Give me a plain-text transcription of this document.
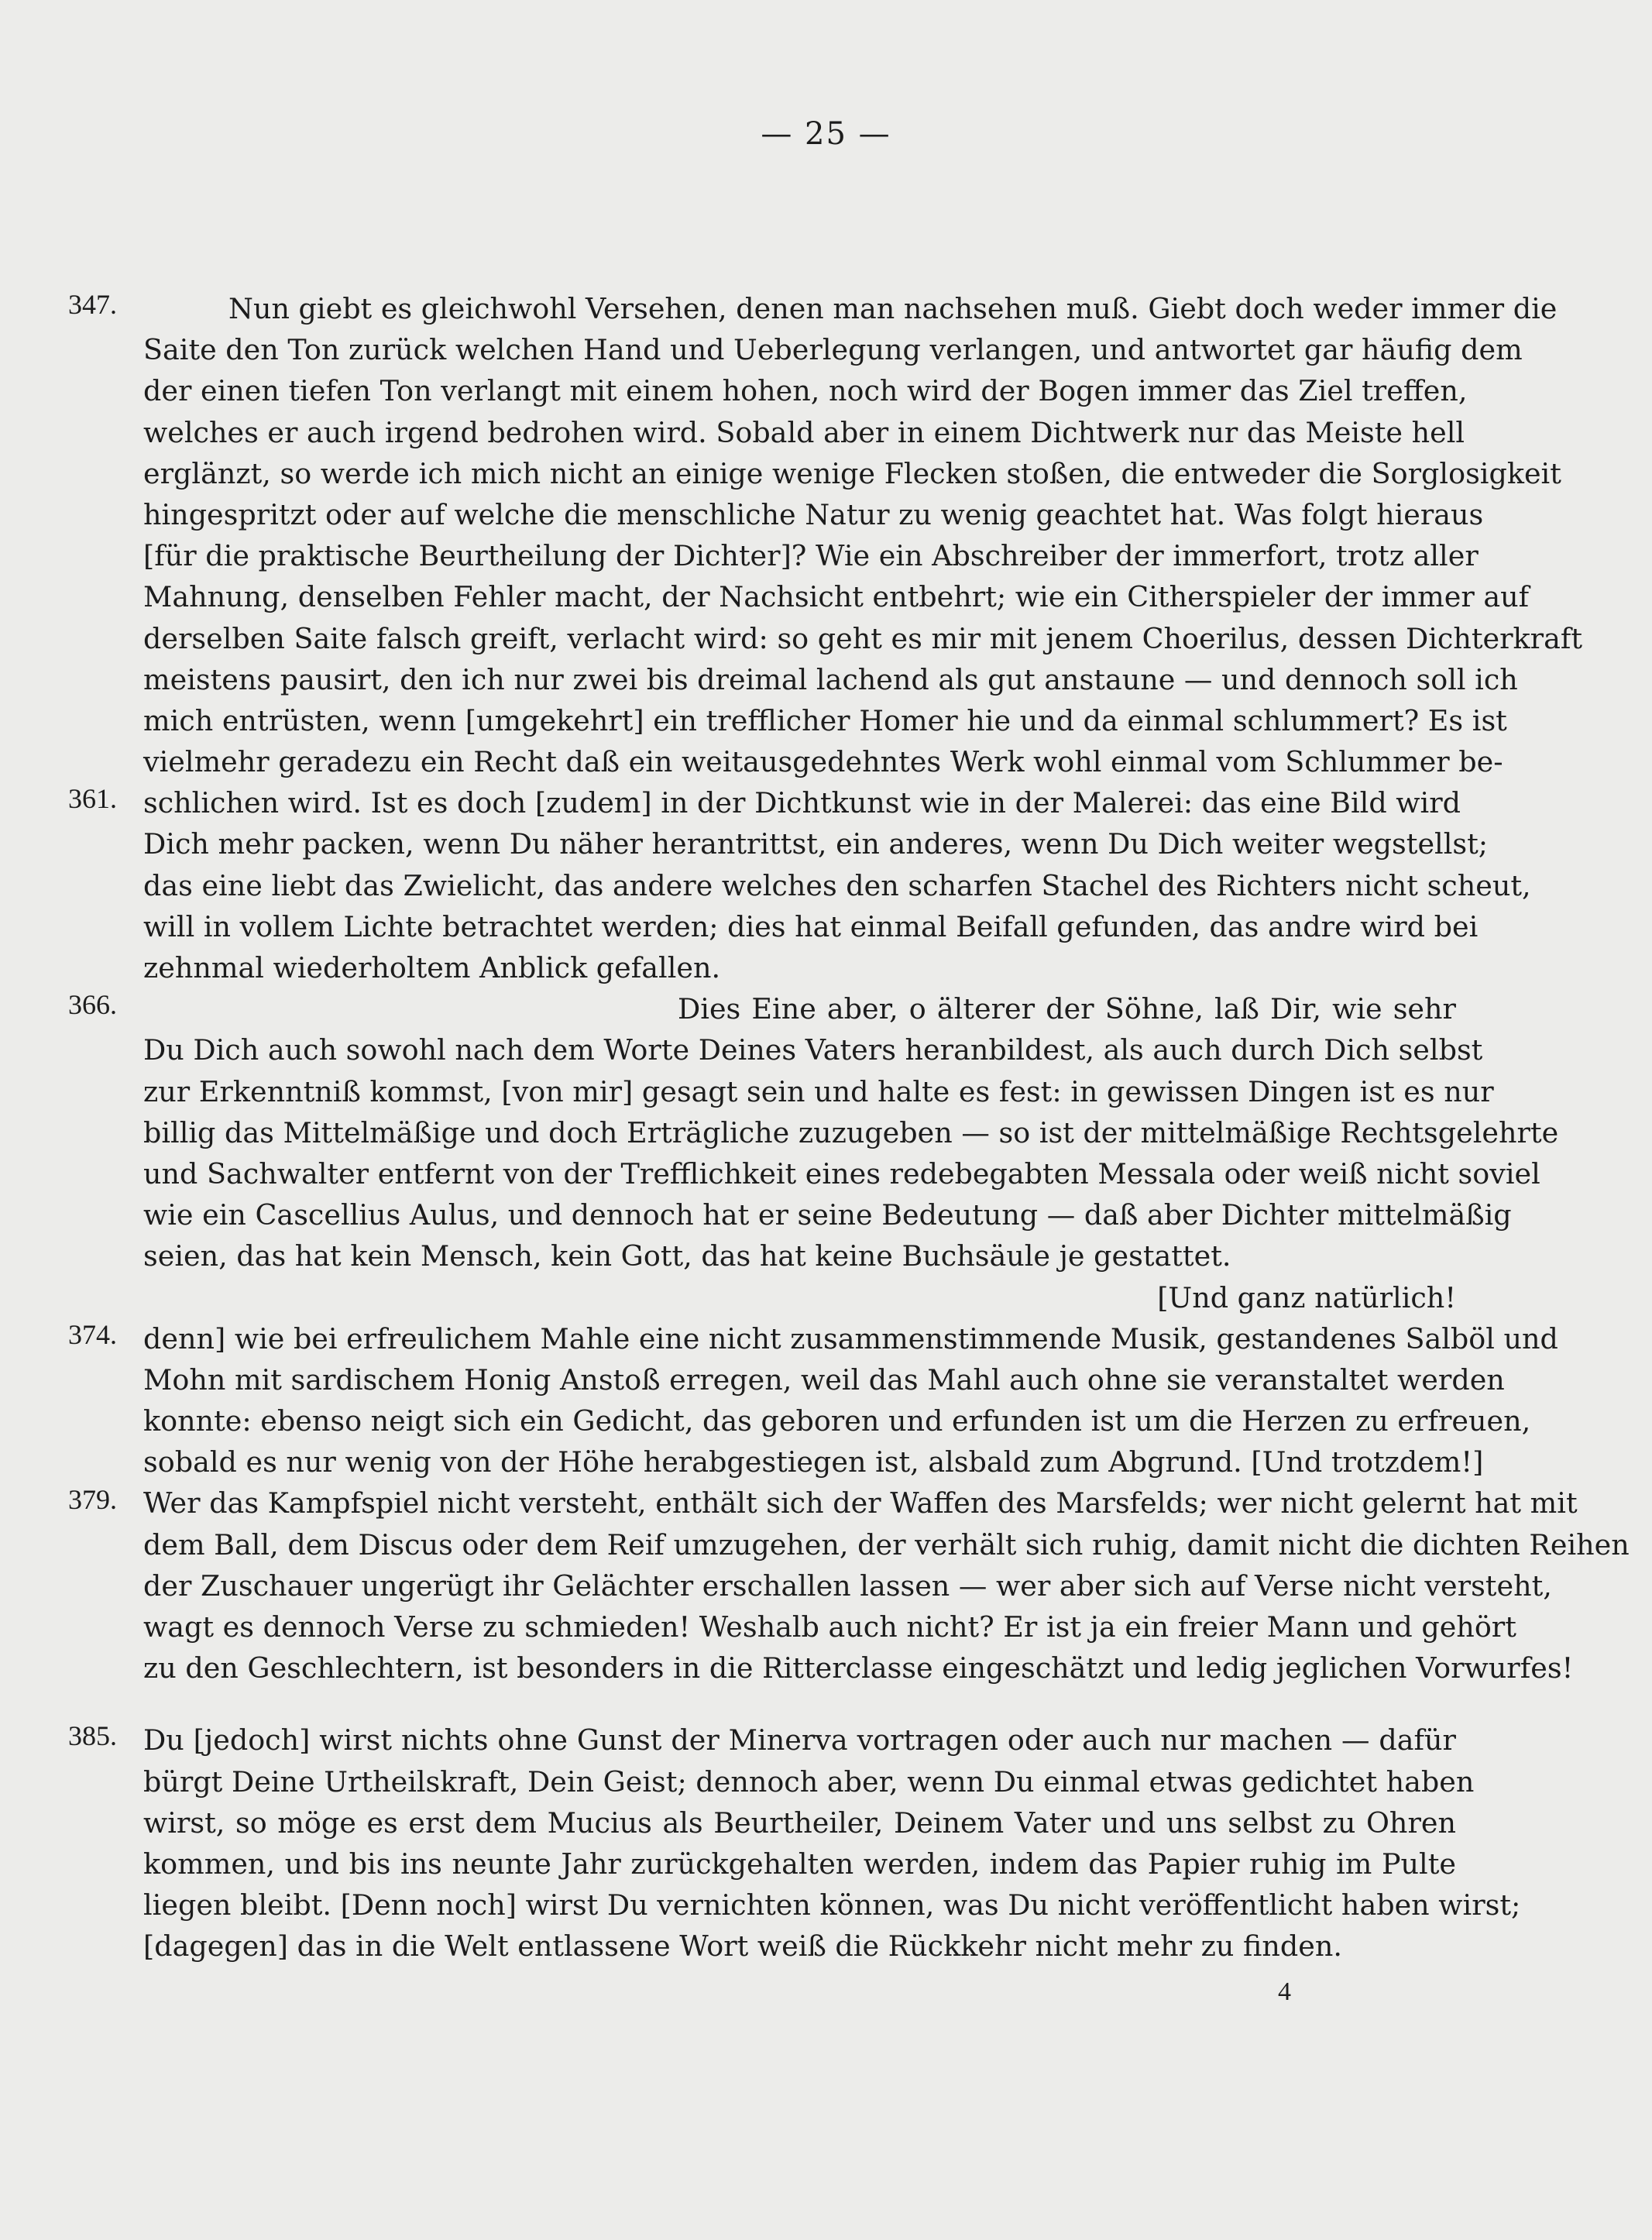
— 25 —
Nun giebt es gleichwohl Versehen, denen man nachsehen muß. Giebt doch weder immer die
Saite den Ton zurück welchen Hand und Ueberlegung verlangen, und antwortet gar häufig dem
der einen tiefen Ton verlangt mit einem hohen, noch wird der Bogen immer das Ziel treffen,
welches er auch irgend bedrohen wird. Sobald aber in einem Dichtwerk nur das Meiste hell
erglänzt, so werde ich mich nicht an einige wenige Flecken stoßen, die entweder die Sorglosigkeit
hingespritzt oder auf welche die menschliche Natur zu wenig geachtet hat. Was folgt hieraus
[für die praktische Beurtheilung der Dichter]? Wie ein Abschreiber der immerfort, trotz aller
Mahnung, denselben Fehler macht, der Nachsicht entbehrt; wie ein Citherspieler der immer auf
derselben Saite falsch greift, verlacht wird: so geht es mir mit jenem Choerilus, dessen Dichterkraft
meistens pausirt, den ich nur zwei bis dreimal lachend als gut anstaune — und dennoch soll ich
mich entrüsten, wenn [umgekehrt] ein trefflicher Homer hie und da einmal schlummert? Es ist
vielmehr geradezu ein Recht daß ein weitausgedehntes Werk wohl einmal vom Schlummer be-
schlichen wird. Ist es doch [zudem] in der Dichtkunst wie in der Malerei: das eine Bild wird
Dich mehr packen, wenn Du näher herantrittst, ein anderes, wenn Du Dich weiter wegstellst;
das eine liebt das Zwielicht, das andere welches den scharfen Stachel des Richters nicht scheut,
will in vollem Lichte betrachtet werden; dies hat einmal Beifall gefunden, das andre wird bei
zehnmal wiederholtem Anblick gefallen.
Dies Eine aber, o älterer der Söhne, laß Dir, wie sehr
Du Dich auch sowohl nach dem Worte Deines Vaters heranbildest, als auch durch Dich selbst
zur Erkenntniß kommst, [von mir] gesagt sein und halte es fest: in gewissen Dingen ist es nur
billig das Mittelmäßige und doch Erträgliche zuzugeben — so ist der mittelmäßige Rechtsgelehrte
und Sachwalter entfernt von der Trefflichkeit eines redebegabten Messala oder weiß nicht soviel
wie ein Cascellius Aulus, und dennoch hat er seine Bedeutung — daß aber Dichter mittelmäßig
seien, das hat kein Mensch, kein Gott, das hat keine Buchsäule je gestattet.
[Und ganz natürlich!
denn] wie bei erfreulichem Mahle eine nicht zusammenstimmende Musik, gestandenes Salböl und
Mohn mit sardischem Honig Anstoß erregen, weil das Mahl auch ohne sie veranstaltet werden
konnte: ebenso neigt sich ein Gedicht, das geboren und erfunden ist um die Herzen zu erfreuen,
sobald es nur wenig von der Höhe herabgestiegen ist, alsbald zum Abgrund. [Und trotzdem!]
Wer das Kampfspiel nicht versteht, enthält sich der Waffen des Marsfelds; wer nicht gelernt hat mit
dem Ball, dem Discus oder dem Reif umzugehen, der verhält sich ruhig, damit nicht die dichten Reihen
der Zuschauer ungerügt ihr Gelächter erschallen lassen — wer aber sich auf Verse nicht versteht,
wagt es dennoch Verse zu schmieden! Weshalb auch nicht? Er ist ja ein freier Mann und gehört
zu den Geschlechtern, ist besonders in die Ritterclasse eingeschätzt und ledig jeglichen Vorwurfes!
Du [jedoch] wirst nichts ohne Gunst der Minerva vortragen oder auch nur machen — dafür
bürgt Deine Urtheilskraft, Dein Geist; dennoch aber, wenn Du einmal etwas gedichtet haben
wirst, so möge es erst dem Mucius als Beurtheiler, Deinem Vater und uns selbst zu Ohren
kommen, und bis ins neunte Jahr zurückgehalten werden, indem das Papier ruhig im Pulte
liegen bleibt. [Denn noch] wirst Du vernichten können, was Du nicht veröffentlicht haben wirst;
[dagegen] das in die Welt entlassene Wort weiß die Rückkehr nicht mehr zu finden.
347.
361.
366.
374.
379.
385.
4
